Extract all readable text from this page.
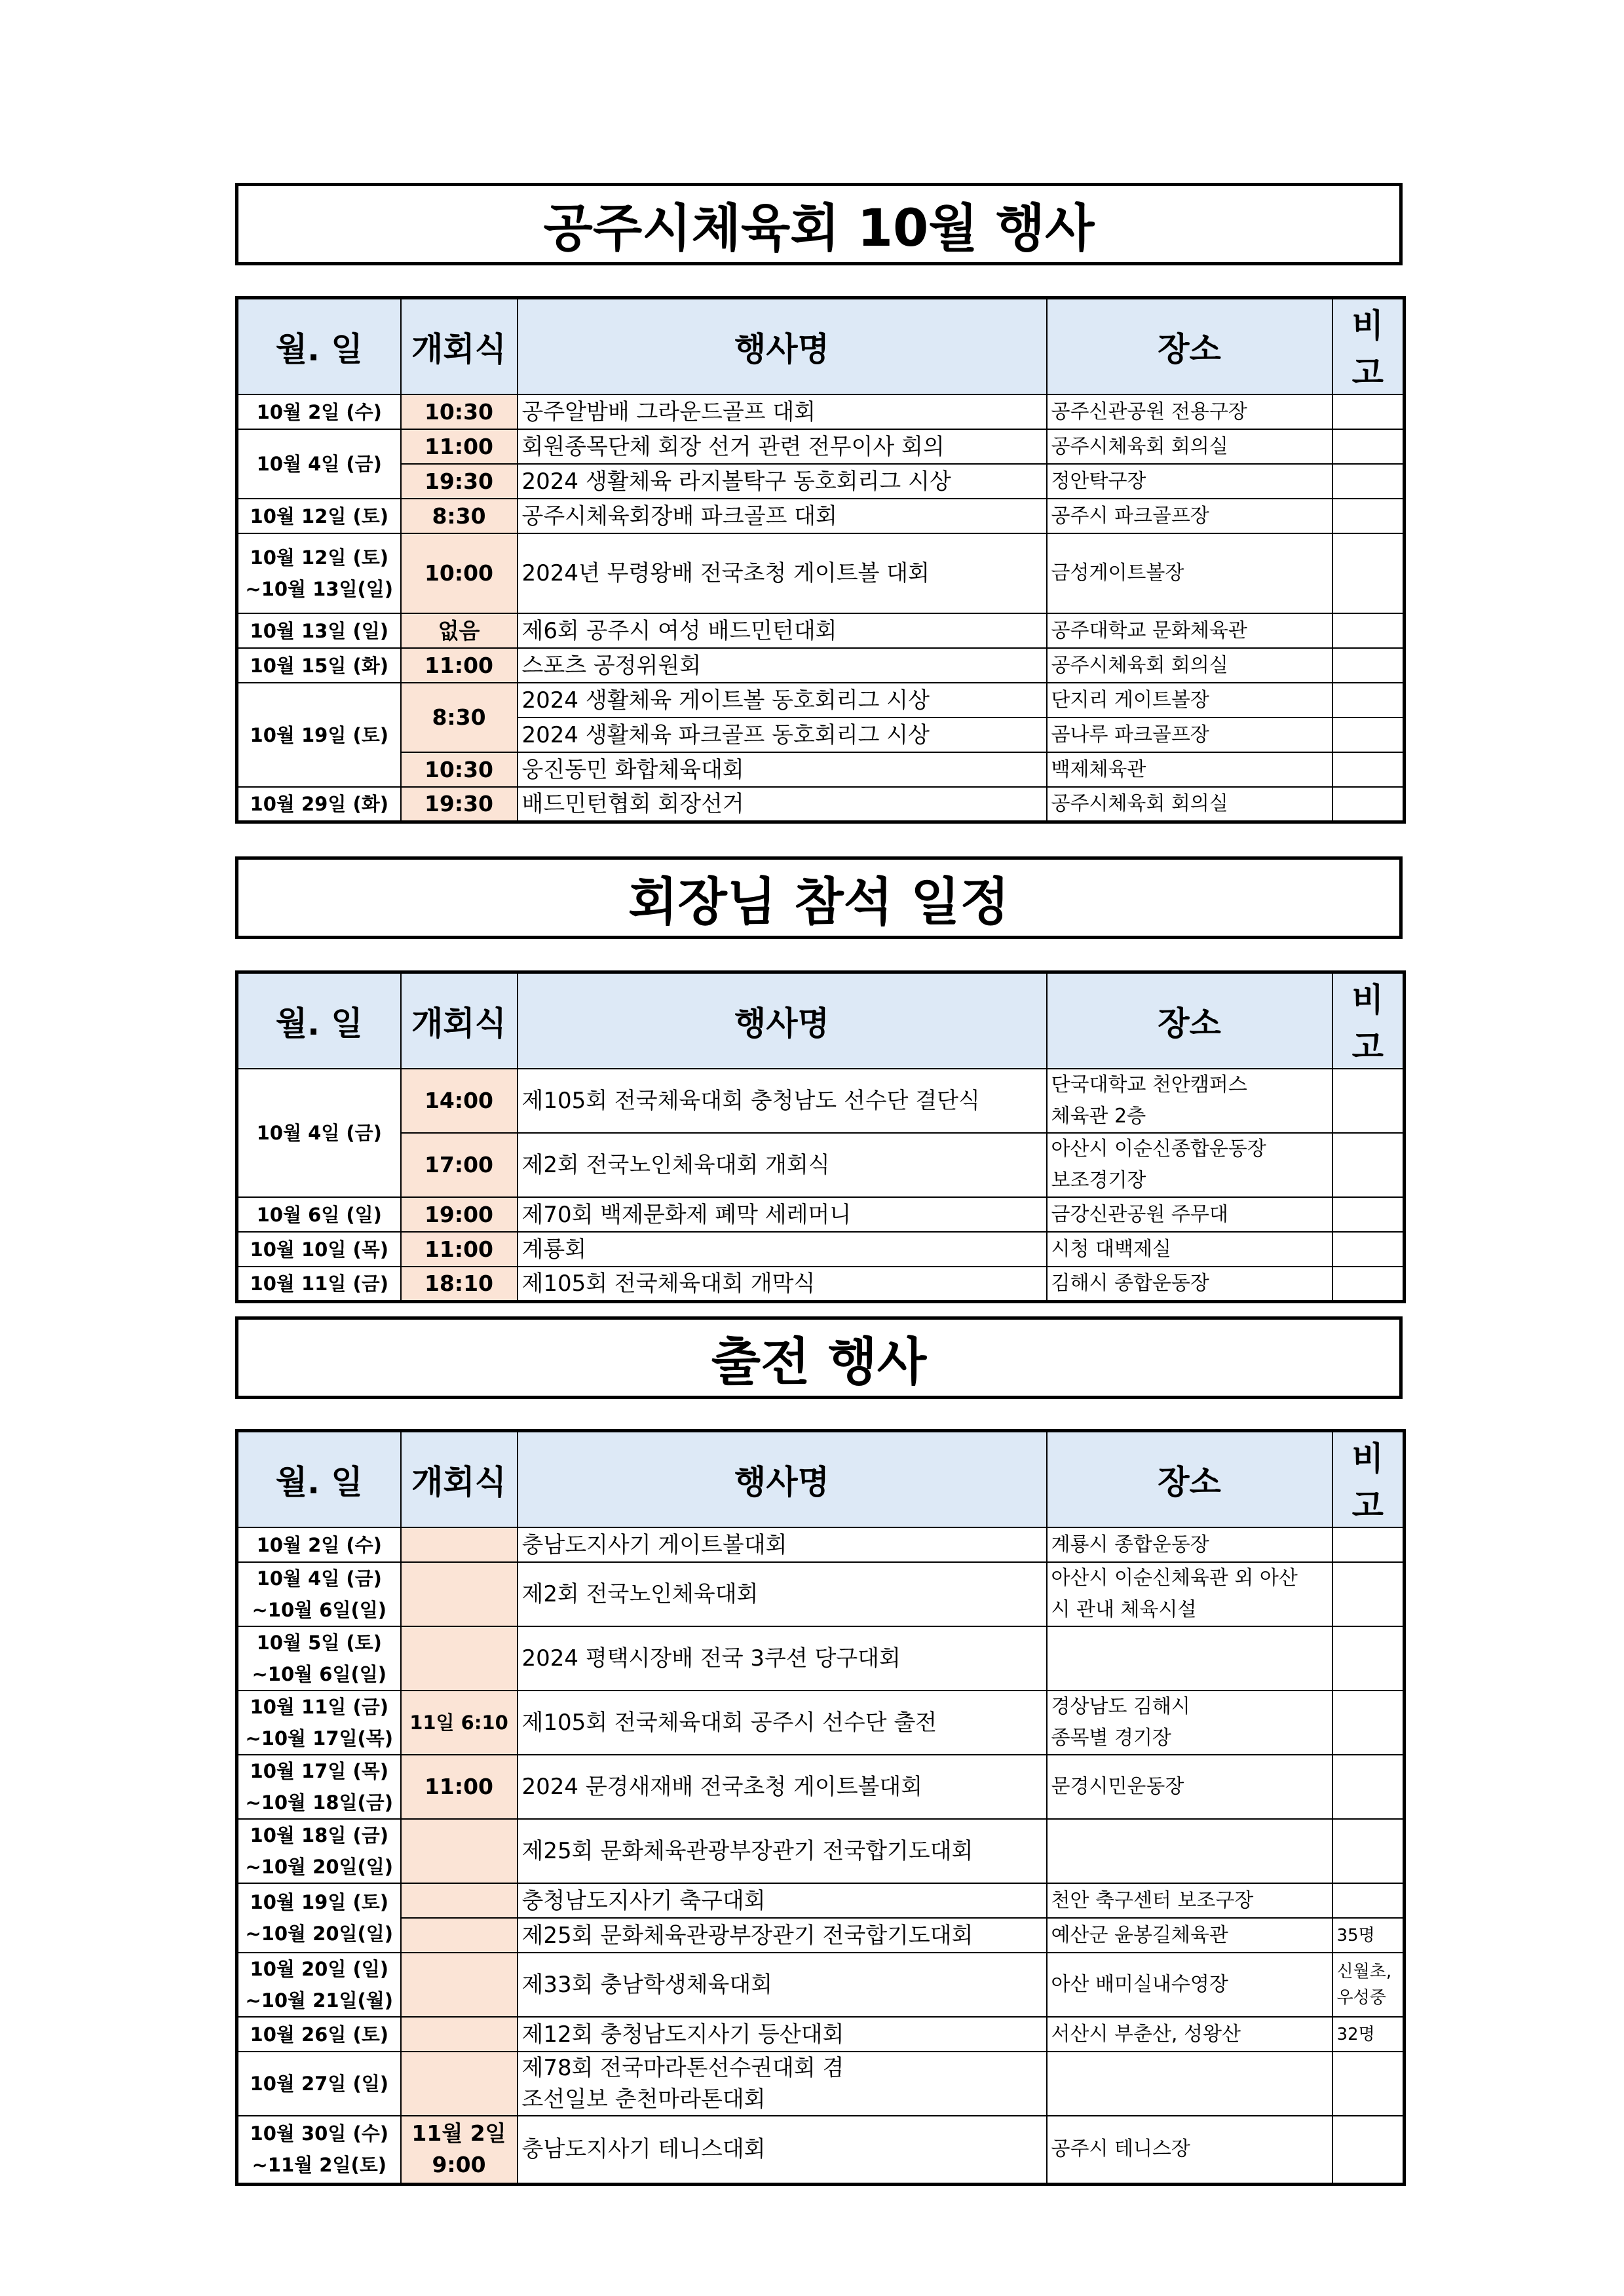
공주시체육회 10월 행사
월. 일	개회식	행사명	장소	비고
10월 2일 (수)	10:30	공주알밤배 그라운드골프 대회	공주신관공원 전용구장	
10월 4일 (금)	11:00	회원종목단체 회장 선거 관련 전무이사 회의	공주시체육회 회의실	
	19:30	2024 생활체육 라지볼탁구 동호회리그 시상	정안탁구장	
10월 12일 (토)	8:30	공주시체육회장배 파크골프 대회	공주시 파크골프장	
10월 12일 (토)
~10월 13일(일)	10:00	2024년 무령왕배 전국초청 게이트볼 대회	금성게이트볼장	
10월 13일 (일)	없음	제6회 공주시 여성 배드민턴대회	공주대학교 문화체육관	
10월 15일 (화)	11:00	스포츠 공정위원회	공주시체육회 회의실	
10월 19일 (토)	8:30	2024 생활체육 게이트볼 동호회리그 시상	단지리 게이트볼장	
		2024 생활체육 파크골프 동호회리그 시상	곰나루 파크골프장	
	10:30	웅진동민 화합체육대회	백제체육관	
10월 29일 (화)	19:30	배드민턴협회 회장선거	공주시체육회 회의실	
회장님 참석 일정
월. 일	개회식	행사명	장소	비고
10월 4일 (금)	14:00	제105회 전국체육대회 충청남도 선수단 결단식	단국대학교 천안캠퍼스
체육관 2층	
	17:00	제2회 전국노인체육대회 개회식	아산시 이순신종합운동장
보조경기장	
10월 6일 (일)	19:00	제70회 백제문화제 폐막 세레머니	금강신관공원 주무대	
10월 10일 (목)	11:00	계룡회	시청 대백제실	
10월 11일 (금)	18:10	제105회 전국체육대회 개막식	김해시 종합운동장	
출전 행사
월. 일	개회식	행사명	장소	비고
10월 2일 (수)		충남도지사기 게이트볼대회	계룡시 종합운동장	
10월 4일 (금)
~10월 6일(일)		제2회 전국노인체육대회	아산시 이순신체육관 외 아산
시 관내 체육시설	
10월 5일 (토)
~10월 6일(일)		2024 평택시장배 전국 3쿠션 당구대회		
10월 11일 (금)
~10월 17일(목)	11일 6:10	제105회 전국체육대회 공주시 선수단 출전	경상남도 김해시
종목별 경기장	
10월 17일 (목)
~10월 18일(금)	11:00	2024 문경새재배 전국초청 게이트볼대회	문경시민운동장	
10월 18일 (금)
~10월 20일(일)		제25회 문화체육관광부장관기 전국합기도대회		
10월 19일 (토)
~10월 20일(일)		충청남도지사기 축구대회	천안 축구센터 보조구장	
		제25회 문화체육관광부장관기 전국합기도대회	예산군 윤봉길체육관	35명
10월 20일 (일)
~10월 21일(월)		제33회 충남학생체육대회	아산 배미실내수영장	신월초,
우성중
10월 26일 (토)		제12회 충청남도지사기 등산대회	서산시 부춘산, 성왕산	32명
10월 27일 (일)		제78회 전국마라톤선수권대회 겸
조선일보 춘천마라톤대회		
10월 30일 (수)
~11월 2일(토)	11월 2일
9:00	충남도지사기 테니스대회	공주시 테니스장	
